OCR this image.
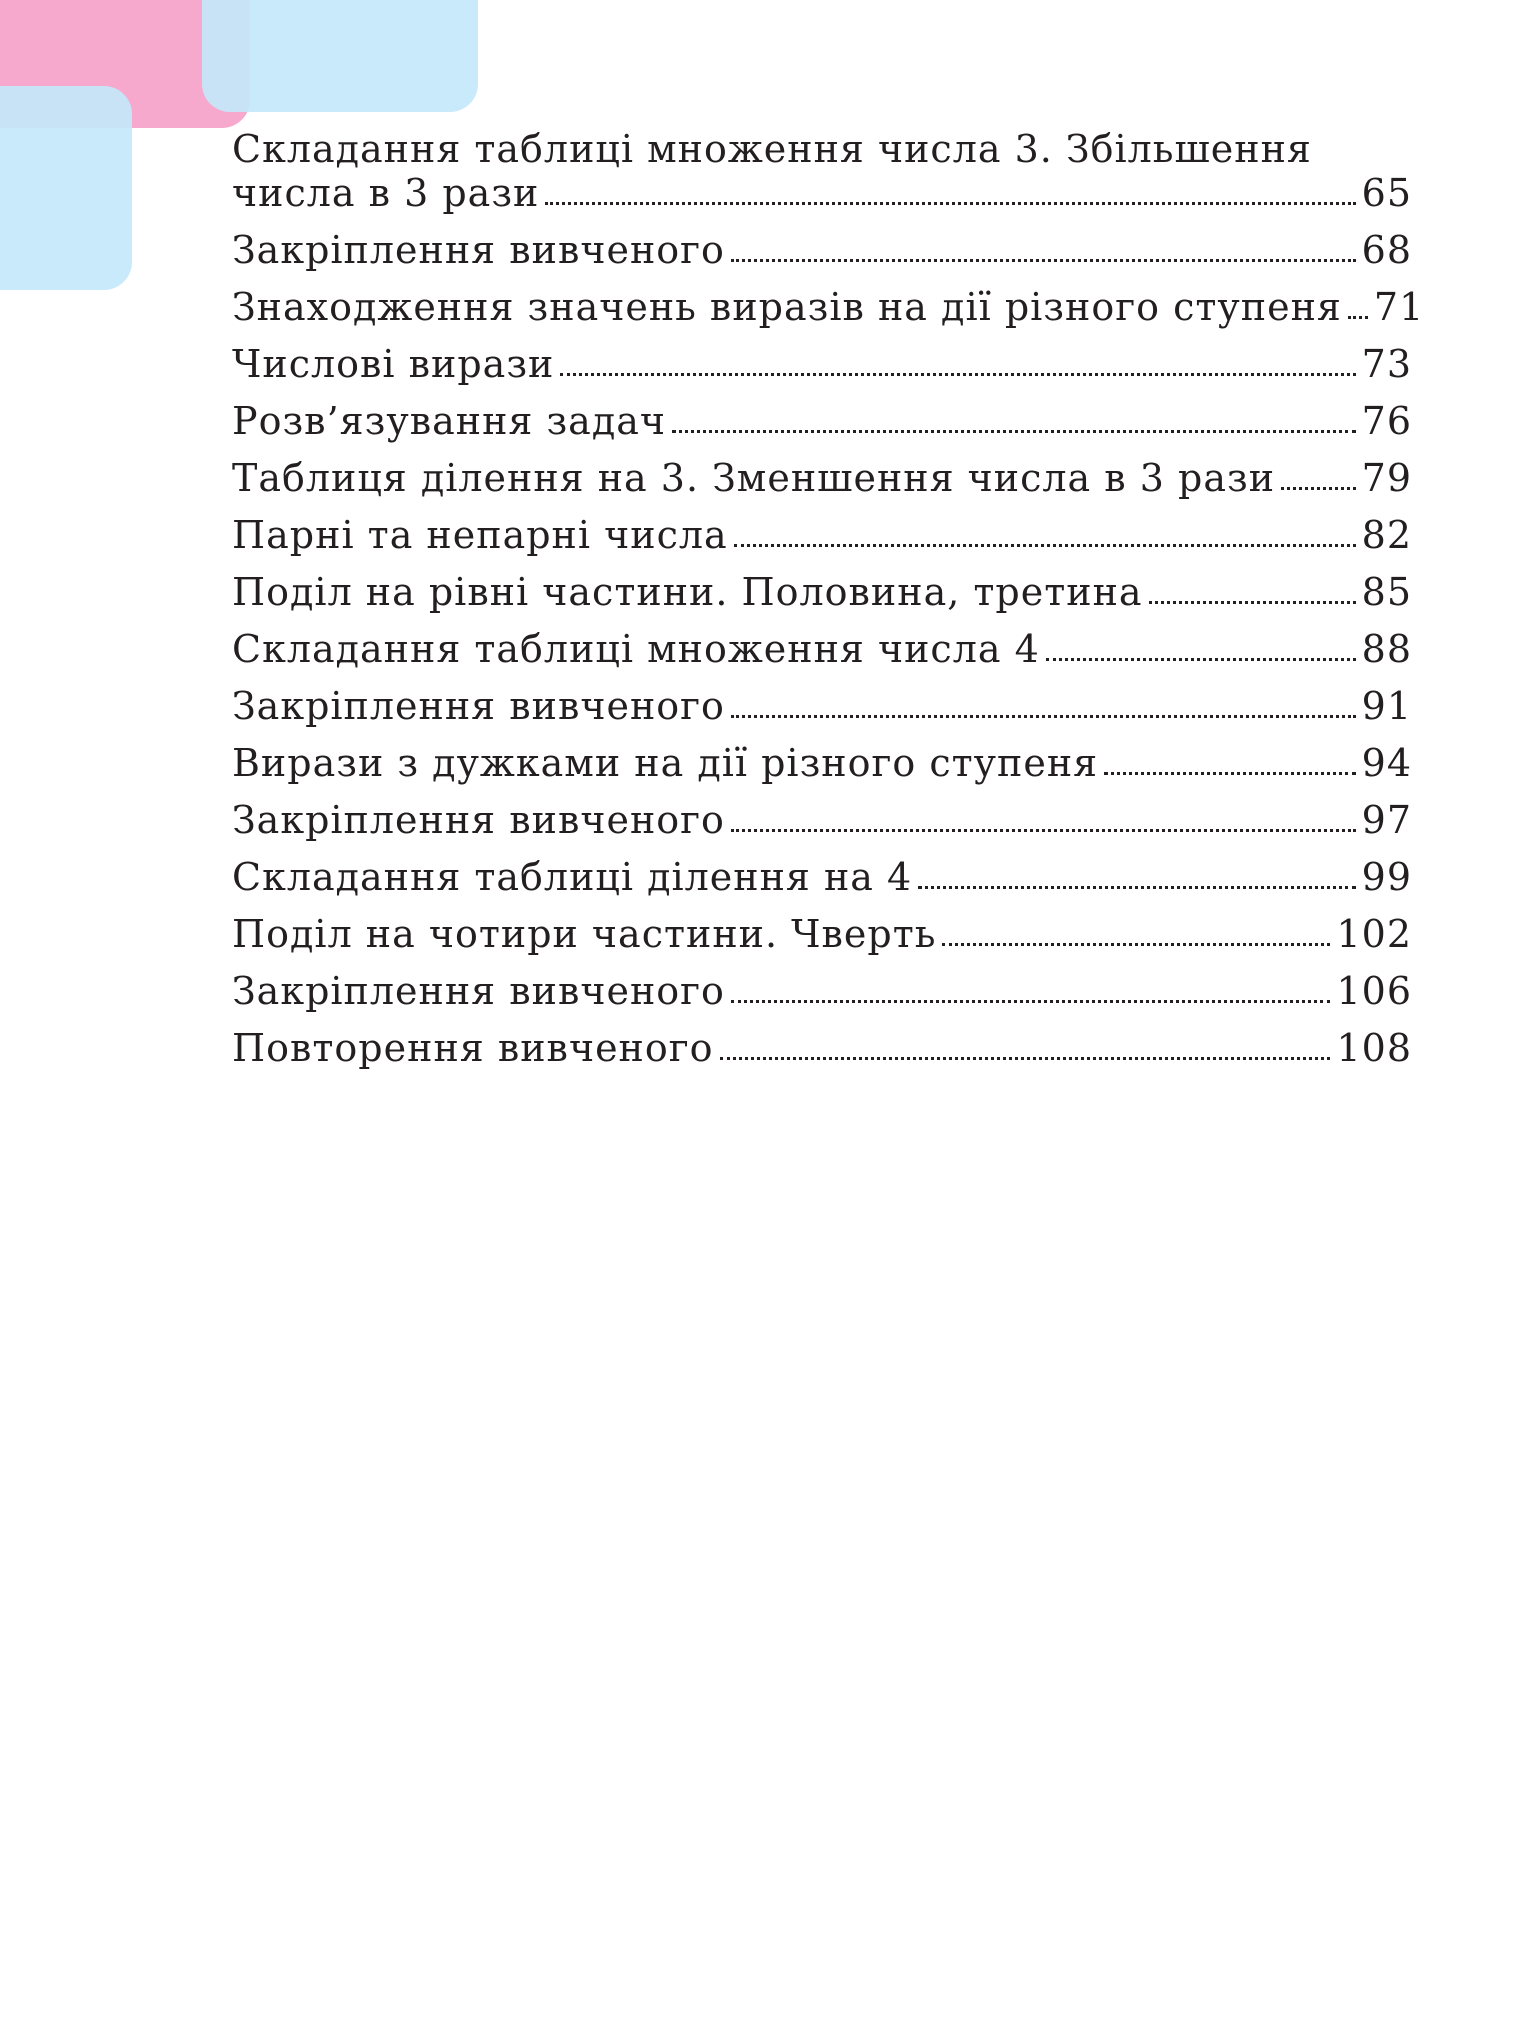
Складання таблиці множення числа 3. Збільшення
числа в 3 рази	65
Закріплення вивченого	68
Знаходження значень виразів на дії різного ступеня 71
Числові вирази	73
Розв’язування задач	76
Таблиця ділення на 3. Зменшення числа в 3 рази 79
Парні та непарні числа	82
Поділ на рівні частини. Половина, третина	85
Складання таблиці множення числа 4	88
Закріплення вивченого	91
Вирази з дужками на дії різного ступеня	94
Закріплення вивченого	97
Складання таблиці ділення на 4	99
Поділ на чотири частини. Чверть	102
Закріплення вивченого	106
Повторення вивченого	108
